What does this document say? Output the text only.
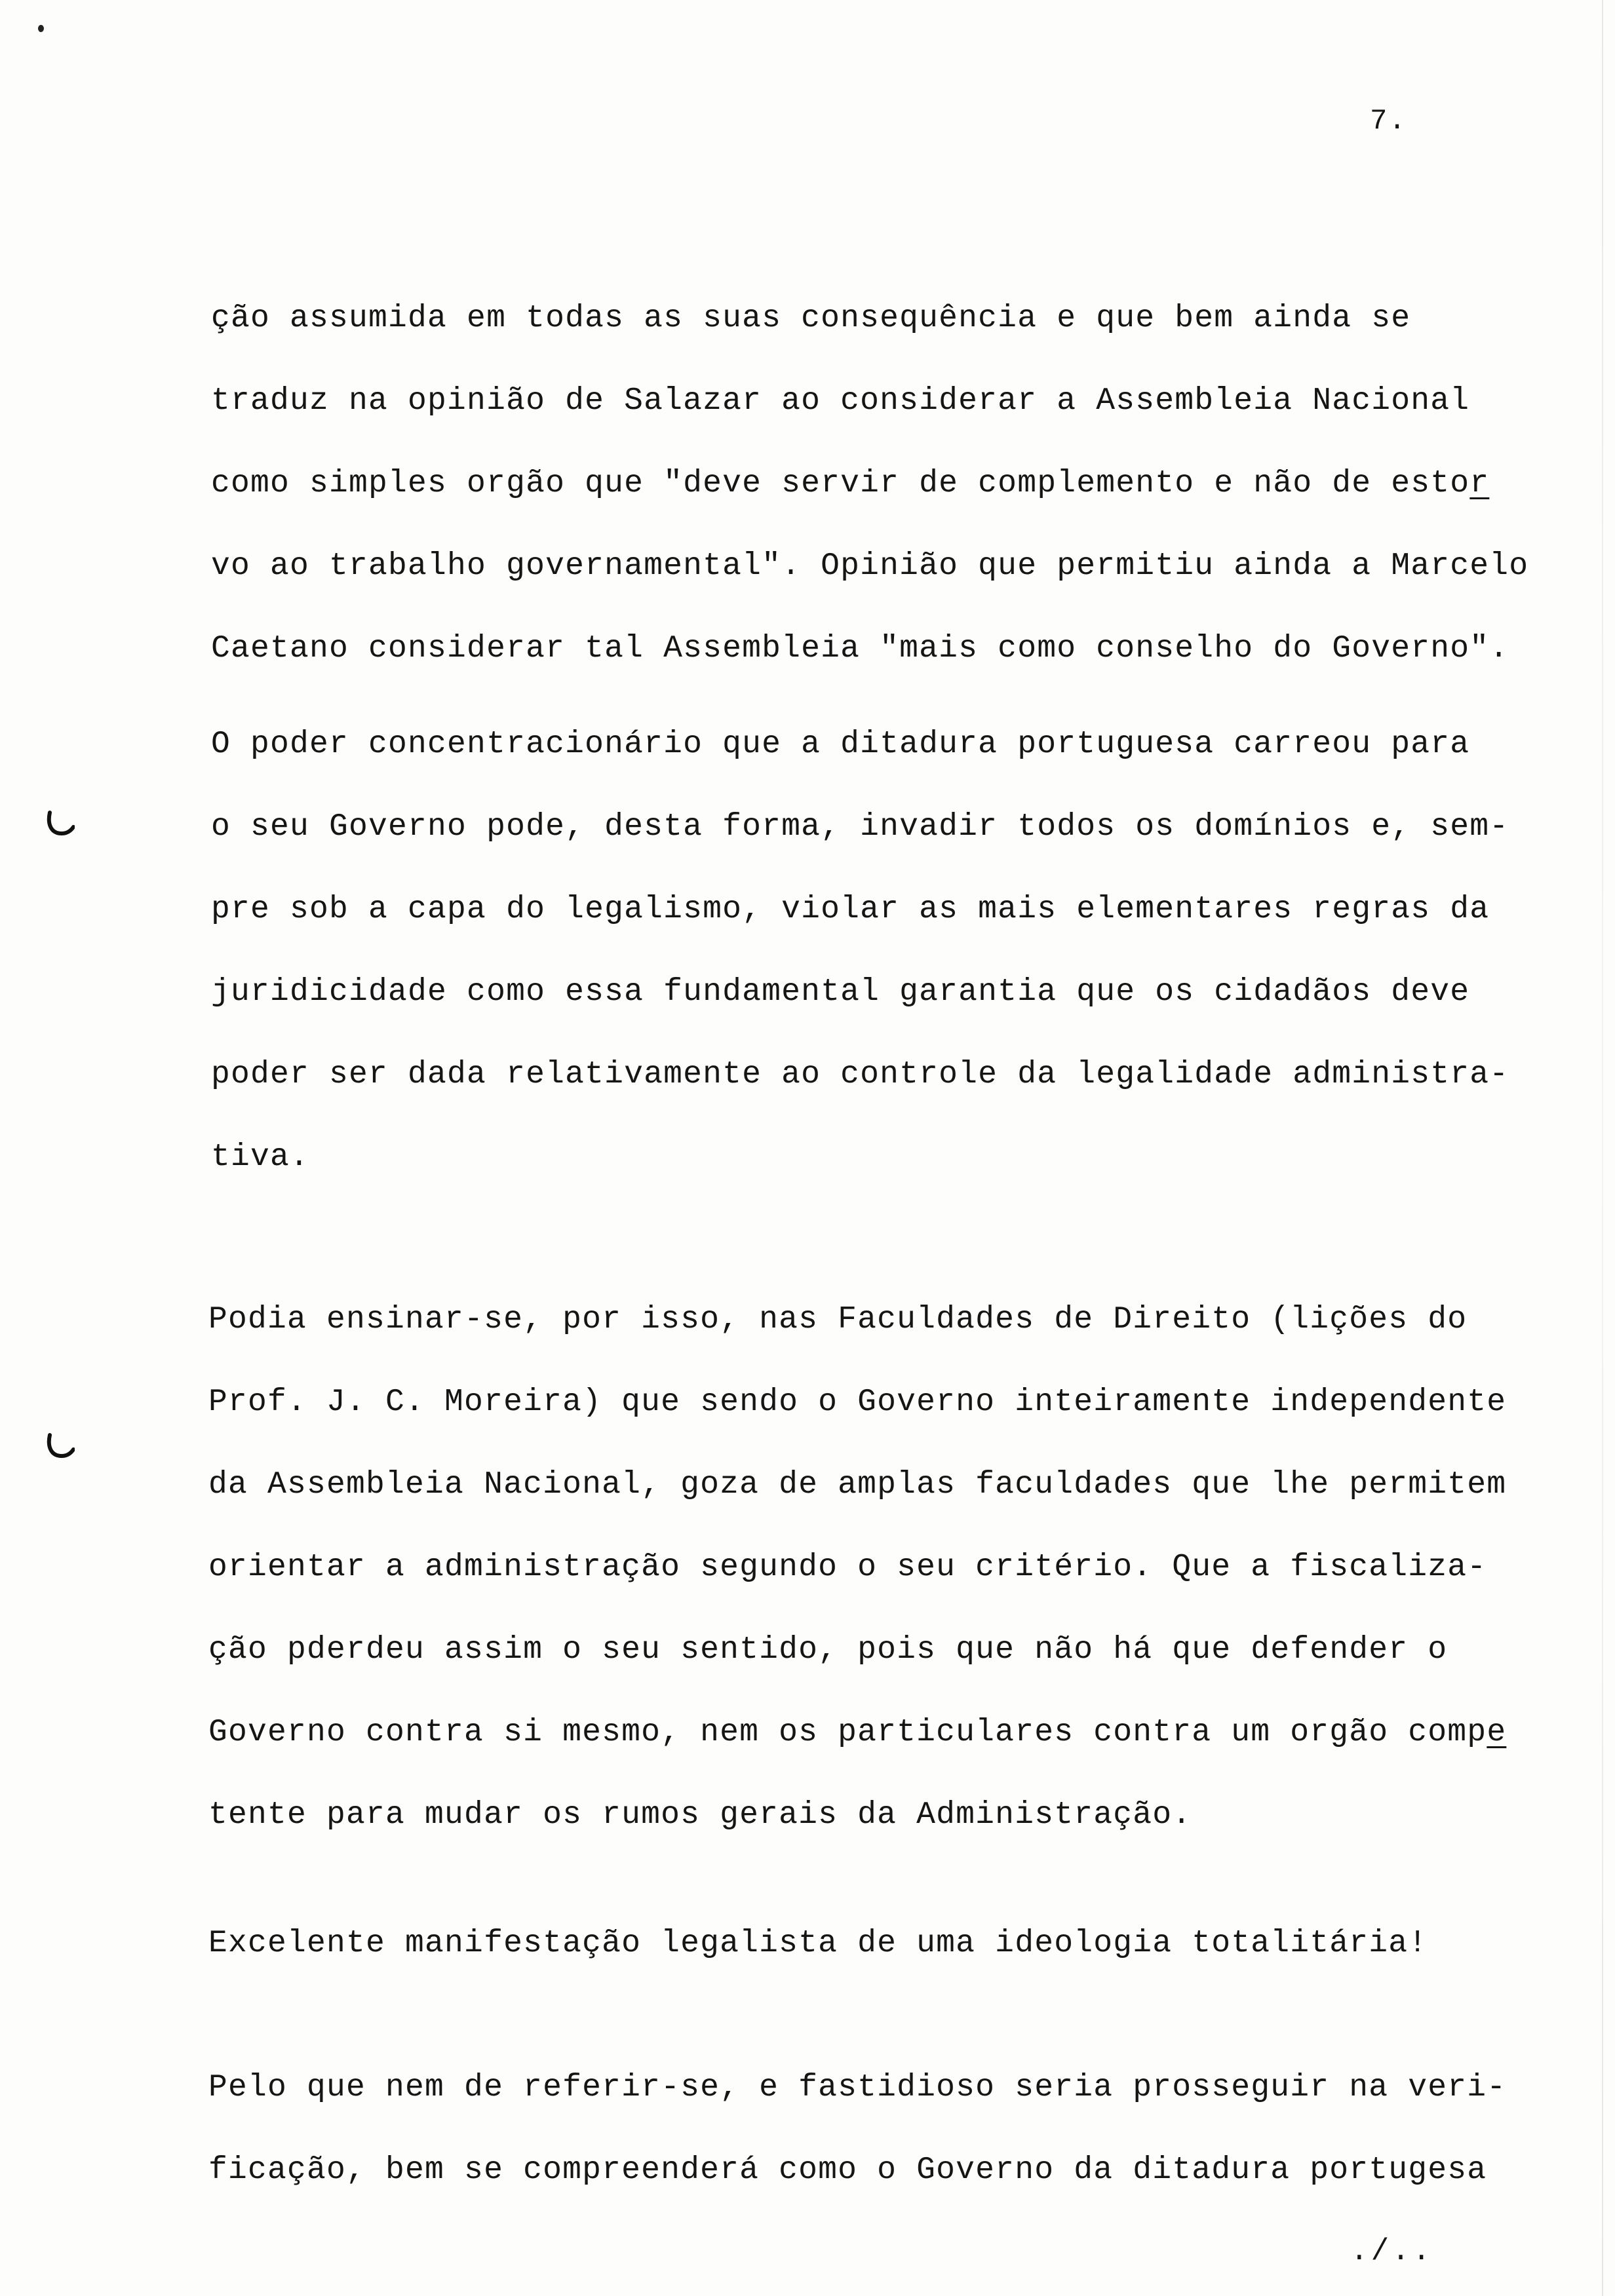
7.
ção assumida em todas as suas consequência e que bem ainda se
traduz na opinião de Salazar ao considerar a Assembleia Nacional
como simples orgão que "deve servir de complemento e não de estor
vo ao trabalho governamental". Opinião que permitiu ainda a Marcelo
Caetano considerar tal Assembleia "mais como conselho do Governo".
O poder concentracionário que a ditadura portuguesa carreou para
o seu Governo pode, desta forma, invadir todos os domínios e, sem-
pre sob a capa do legalismo, violar as mais elementares regras da
juridicidade como essa fundamental garantia que os cidadãos deve
poder ser dada relativamente ao controle da legalidade administra-
tiva.
Podia ensinar-se, por isso, nas Faculdades de Direito (lições do
Prof. J. C. Moreira) que sendo o Governo inteiramente independente
da Assembleia Nacional, goza de amplas faculdades que lhe permitem
orientar a administração segundo o seu critério. Que a fiscaliza-
ção pderdeu assim o seu sentido, pois que não há que defender o
Governo contra si mesmo, nem os particulares contra um orgão compe
tente para mudar os rumos gerais da Administração.
Excelente manifestação legalista de uma ideologia totalitária!
Pelo que nem de referir-se, e fastidioso seria prosseguir na veri-
ficação, bem se compreenderá como o Governo da ditadura portugesa
./..
